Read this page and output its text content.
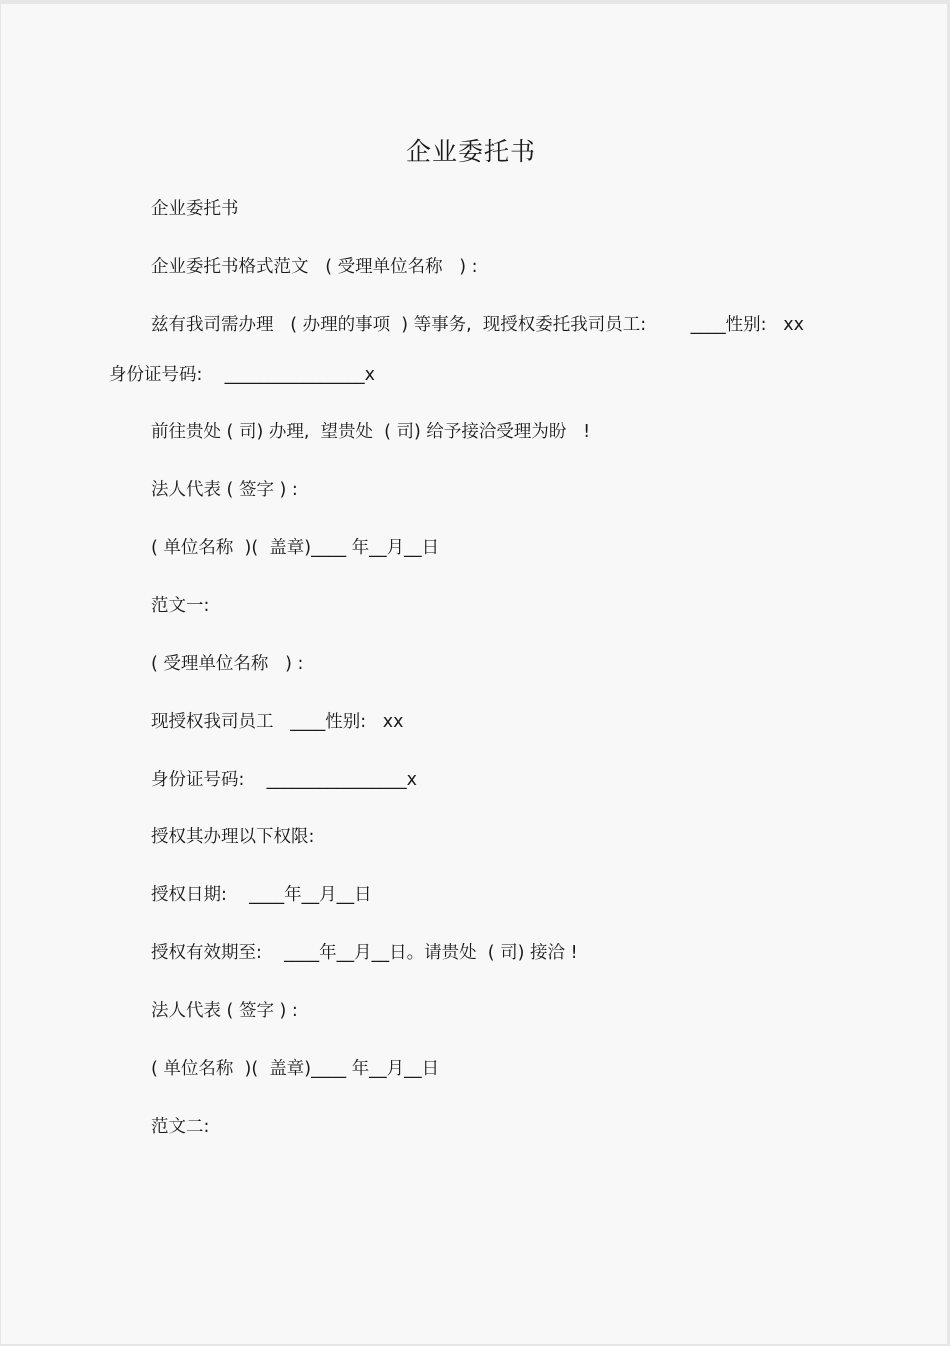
企业委托书
企业委托书
企业委托书格式范文   ( 受理单位名称   ) :
兹有我司需办理   ( 办理的事项  ) 等事务,  现授权委托我司员工:        ____性别:   xx
身份证号码:    ________________x
前往贵处 ( 司) 办理,  望贵处  ( 司) 给予接洽受理为盼   !
法人代表 ( 签字 ) :
( 单位名称  )(  盖章)____ 年__月__日
范文一:
( 受理单位名称   ) :
现授权我司员工   ____性别:   xx
身份证号码:    ________________x
授权其办理以下权限:
授权日期:    ____年__月__日
授权有效期至:    ____年__月__日。请贵处  ( 司) 接洽 !
法人代表 ( 签字 ) :
( 单位名称  )(  盖章)____ 年__月__日
范文二:
